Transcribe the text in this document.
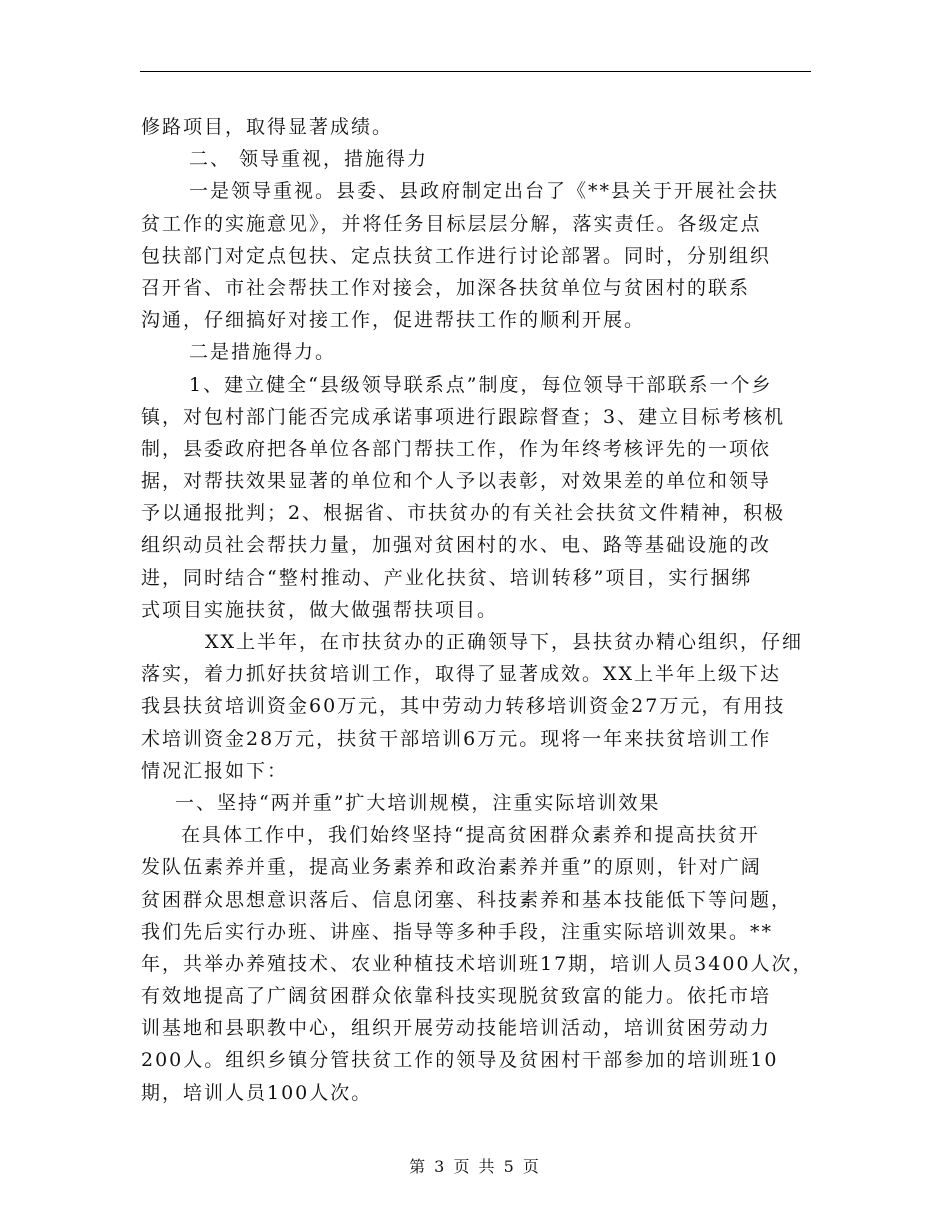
修路项目，取得显著成绩。
二、 领导重视，措施得力
一是领导重视。县委、县政府制定出台了《**县关于开展社会扶
贫工作的实施意见》，并将任务目标层层分解，落实责任。各级定点
包扶部门对定点包扶、定点扶贫工作进行讨论部署。同时，分别组织
召开省、市社会帮扶工作对接会，加深各扶贫单位与贫困村的联系
沟通，仔细搞好对接工作，促进帮扶工作的顺利开展。
二是措施得力。
1、建立健全“县级领导联系点”制度，每位领导干部联系一个乡
镇，对包村部门能否完成承诺事项进行跟踪督查；3、建立目标考核机
制，县委政府把各单位各部门帮扶工作，作为年终考核评先的一项依
据，对帮扶效果显著的单位和个人予以表彰，对效果差的单位和领导
予以通报批判；2、根据省、市扶贫办的有关社会扶贫文件精神，积极
组织动员社会帮扶力量，加强对贫困村的水、电、路等基础设施的改
进，同时结合“整村推动、产业化扶贫、培训转移”项目，实行捆绑
式项目实施扶贫，做大做强帮扶项目。
XX上半年，在市扶贫办的正确领导下，县扶贫办精心组织，仔细
落实，着力抓好扶贫培训工作，取得了显著成效。XX上半年上级下达
我县扶贫培训资金60万元，其中劳动力转移培训资金27万元，有用技
术培训资金28万元，扶贫干部培训6万元。现将一年来扶贫培训工作
情况汇报如下：
一、坚持“两并重”扩大培训规模，注重实际培训效果
在具体工作中，我们始终坚持“提高贫困群众素养和提高扶贫开
发队伍素养并重，提高业务素养和政治素养并重”的原则，针对广阔
贫困群众思想意识落后、信息闭塞、科技素养和基本技能低下等问题，
我们先后实行办班、讲座、指导等多种手段，注重实际培训效果。**
年，共举办养殖技术、农业种植技术培训班17期，培训人员3400人次，
有效地提高了广阔贫困群众依靠科技实现脱贫致富的能力。依托市培
训基地和县职教中心，组织开展劳动技能培训活动，培训贫困劳动力
200人。组织乡镇分管扶贫工作的领导及贫困村干部参加的培训班10
期，培训人员100人次。
第 3 页 共 5 页
